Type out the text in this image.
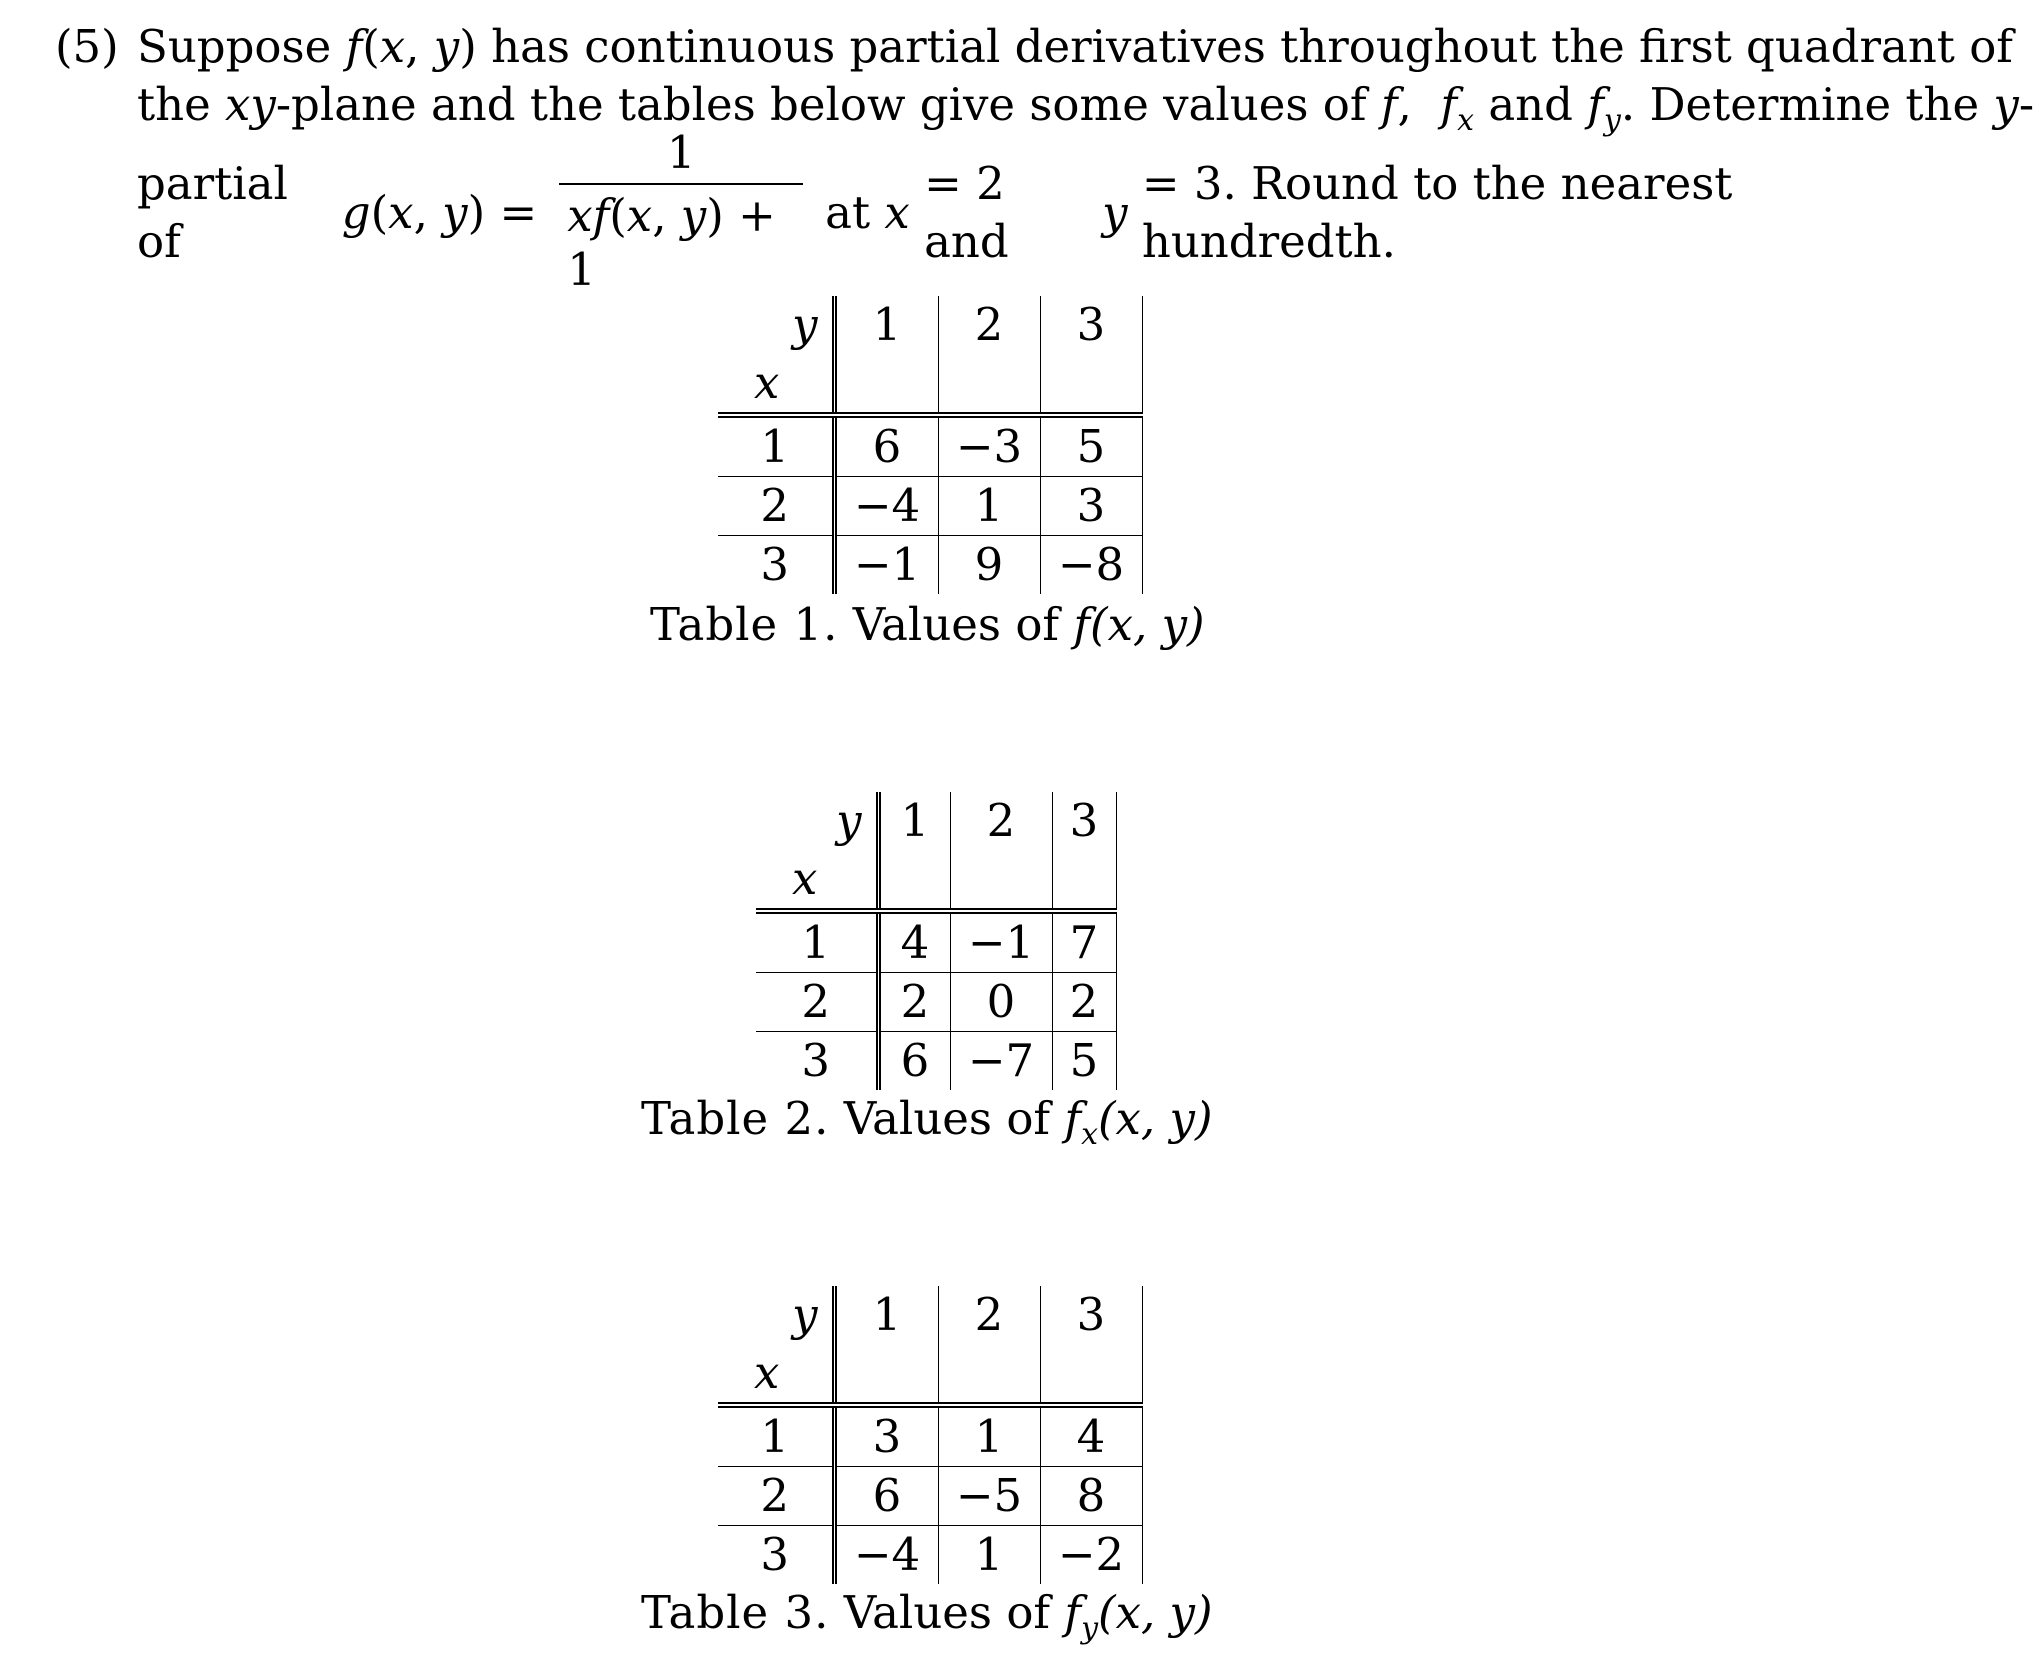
(5) Suppose f(x, y) has continuous partial derivatives throughout the first quadrant of
the xy-plane and the tables below give some values of f,  $f_x$ and $f_y$. Determine the y-
partial of

g ( x , y ) = $\frac{1}{xf(x, y) + 1}$ at
x

= 2 and

y

= 3. Round to the nearest hundredth.
y	1	2	3
x			
1	6	−3	5
2	−4	1	3
3	−1	9	−8
Table 1. Values of f(x, y)
y	1	2	3
x			
1	4	−1	7
2	2	0	2
3	6	−7	5
Table 2. Values of $f_x(x$, y)
y	1	2	3
x			
1	3	1	4
2	6	−5	8
3	−4	1	−2
Table 3. Values of $f_y(x$, y)
